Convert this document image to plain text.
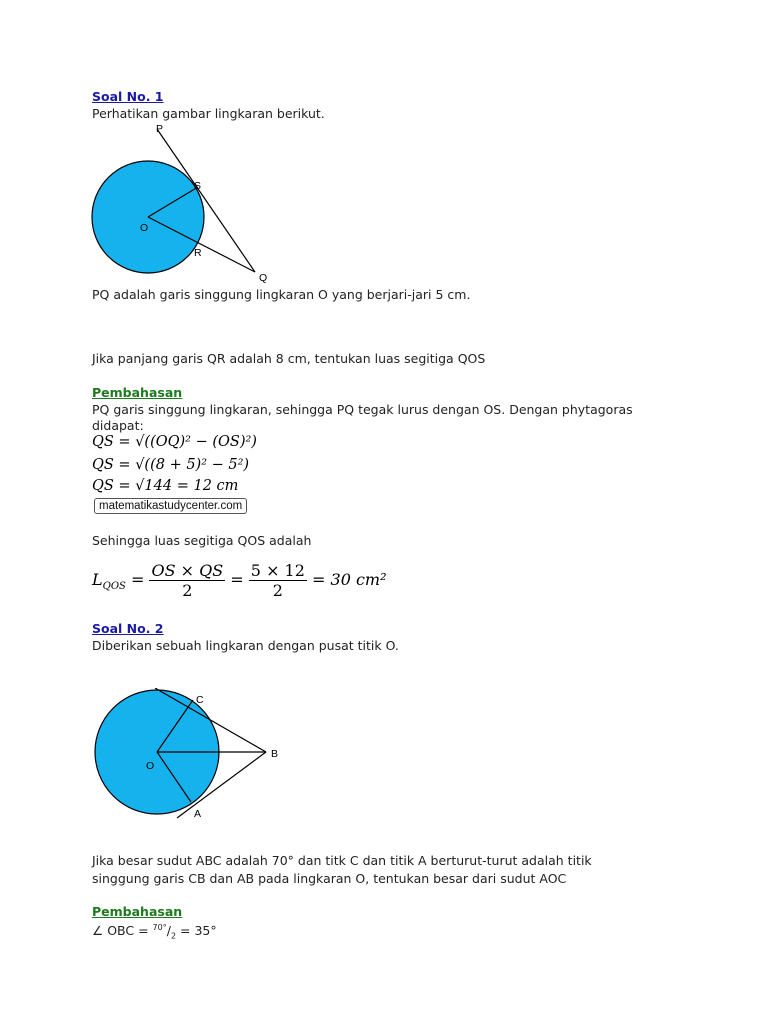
Soal No. 1
Perhatikan gambar lingkaran berikut.
P
S
O
R
Q
PQ adalah garis singgung lingkaran O yang berjari-jari 5 cm.
Jika panjang garis QR adalah 8 cm, tentukan luas segitiga QOS
Pembahasan
PQ garis singgung lingkaran, sehingga PQ tegak lurus dengan OS. Dengan phytagoras
didapat:
QS = √((OQ)² − (OS)²)
QS = √((8 + 5)² − 5²)
QS = √144 = 12 cm
matematikastudycenter.com
Sehingga luas segitiga QOS adalah
$L_{QOS} = \frac{OS \times QS}{2} = \frac{5 \times 12}{2} = 30$ cm²
Soal No. 2
Diberikan sebuah lingkaran dengan pusat titik O.
C
O
B
A
Jika besar sudut ABC adalah 70° dan titk C dan titik A berturut-turut adalah titik
singgung garis CB dan AB pada lingkaran O, tentukan besar dari sudut AOC
Pembahasan
∠ OBC = $^{70^\circ}/_2 = 35^\circ$
